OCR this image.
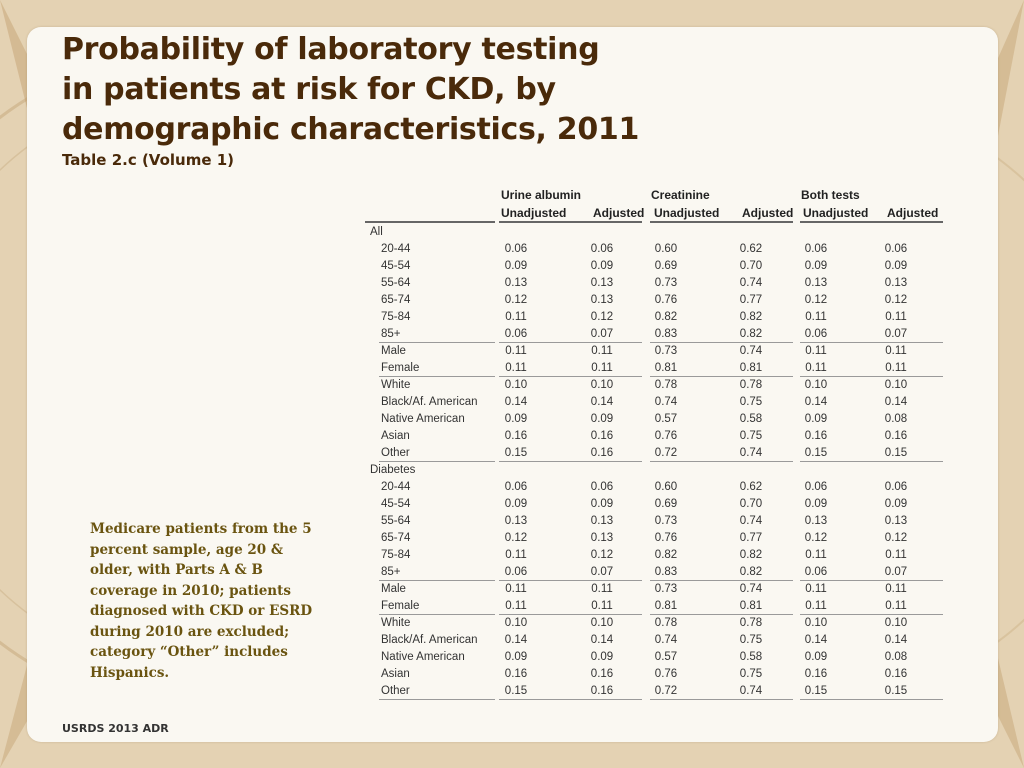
Probability of laboratory testing
in patients at risk for CKD, by
demographic characteristics, 2011
Table 2.c (Volume 1)
Urine albumin	Creatinine	Both tests
Unadjusted Adjusted Unadjusted Adjusted Unadjusted Adjusted
All
20-44	0.06	0.06	0.60	0.62	0.06	0.06
45-54	0.09	0.09	0.69	0.70	0.09	0.09
55-64	0.13	0.13	0.73	0.74	0.13	0.13
65-74	0.12	0.13	0.76	0.77	0.12	0.12
75-84	0.11	0.12	0.82	0.82	0.11	0.11
85+	0.06	0.07	0.83	0.82	0.06	0.07
Male	0.11	0.11	0.73	0.74	0.11	0.11
Female	0.11	0.11	0.81	0.81	0.11	0.11
White	0.10	0.10	0.78	0.78	0.10	0.10
Black/Af. American	0.14	0.14	0.74	0.75	0.14	0.14
Native American	0.09	0.09	0.57	0.58	0.09	0.08
Asian	0.16	0.16	0.76	0.75	0.16	0.16
Other	0.15	0.16	0.72	0.74	0.15	0.15
Diabetes
20-44	0.06	0.06	0.60	0.62	0.06	0.06
45-54	0.09	0.09	0.69	0.70	0.09	0.09
55-64	0.13	0.13	0.73	0.74	0.13	0.13
65-74	0.12	0.13	0.76	0.77	0.12	0.12
75-84	0.11	0.12	0.82	0.82	0.11	0.11
85+	0.06	0.07	0.83	0.82	0.06	0.07
Male	0.11	0.11	0.73	0.74	0.11	0.11
Female	0.11	0.11	0.81	0.81	0.11	0.11
White	0.10	0.10	0.78	0.78	0.10	0.10
Black/Af. American	0.14	0.14	0.74	0.75	0.14	0.14
Native American	0.09	0.09	0.57	0.58	0.09	0.08
Asian	0.16	0.16	0.76	0.75	0.16	0.16
Other	0.15	0.16	0.72	0.74	0.15	0.15
Medicare patients from the 5 percent sample, age 20 & older, with Parts A & B coverage in 2010; patients diagnosed with CKD or ESRD during 2010 are excluded; category “Other” includes Hispanics.
USRDS 2013 ADR
